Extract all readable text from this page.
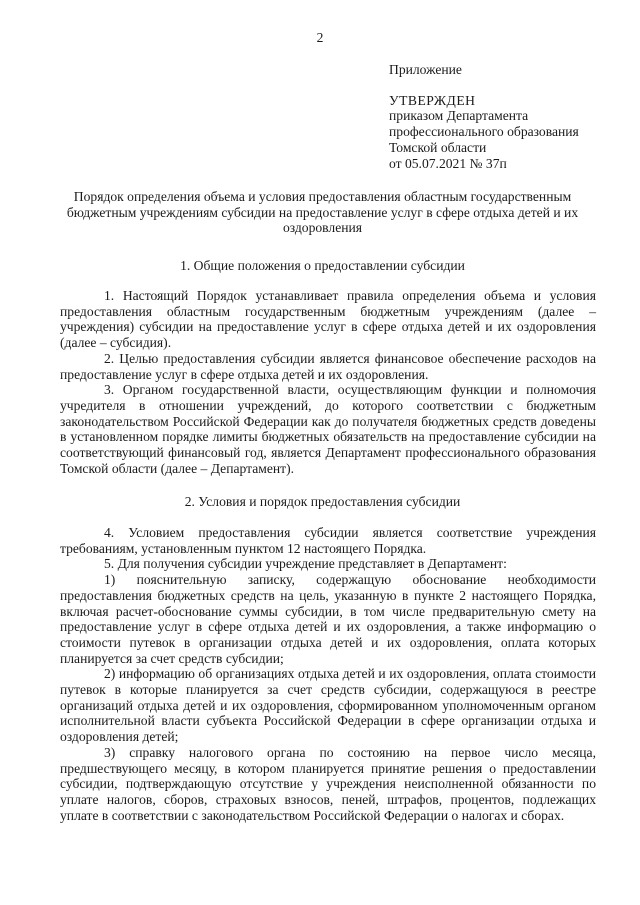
2
Приложение
УТВЕРЖДЕН
приказом Департамента
профессионального образования
Томской области
от 05.07.2021 № 37п
Порядок определения объема и условия предоставления областным государственным бюджетным учреждениям субсидии на предоставление услуг в сфере отдыха детей и их оздоровления
1. Общие положения о предоставлении субсидии

1. Настоящий Порядок устанавливает правила определения объема и условия предоставления областным государственным бюджетным учреждениям (далее – учреждения) субсидии на предоставление услуг в сфере отдыха детей и их оздоровления (далее – субсидия).

2. Целью предоставления субсидии является финансовое обеспечение расходов на предоставление услуг в сфере отдыха детей и их оздоровления.

3. Органом государственной власти, осуществляющим функции и полномочия учредителя в отношении учреждений, до которого соответствии с бюджетным законодательством Российской Федерации как до получателя бюджетных средств доведены в установленном порядке лимиты бюджетных обязательств на предоставление субсидии на соответствующий финансовый год, является Департамент профессионального образования Томской области (далее – Департамент).

2. Условия и порядок предоставления субсидии

4. Условием предоставления субсидии является соответствие учреждения требованиям, установленным пунктом 12 настоящего Порядка.

5. Для получения субсидии учреждение представляет в Департамент:

1) пояснительную записку, содержащую обоснование необходимости предоставления бюджетных средств на цель, указанную в пункте 2 настоящего Порядка, включая расчет-обоснование суммы субсидии, в том числе предварительную смету на предоставление услуг в сфере отдыха детей и их оздоровления, а также информацию о стоимости путевок в организации отдыха детей и их оздоровления, оплата которых планируется за счет средств субсидии;

2) информацию об организациях отдыха детей и их оздоровления, оплата стоимости путевок в которые планируется за счет средств субсидии, содержащуюся в реестре организаций отдыха детей и их оздоровления, сформированном уполномоченным органом исполнительной власти субъекта Российской Федерации в сфере организации отдыха и оздоровления детей;

3) справку налогового органа по состоянию на первое число месяца, предшествующего месяцу, в котором планируется принятие решения о предоставлении субсидии, подтверждающую отсутствие у учреждения неисполненной обязанности по уплате налогов, сборов, страховых взносов, пеней, штрафов, процентов, подлежащих уплате в соответствии с законодательством Российской Федерации о налогах и сборах.
